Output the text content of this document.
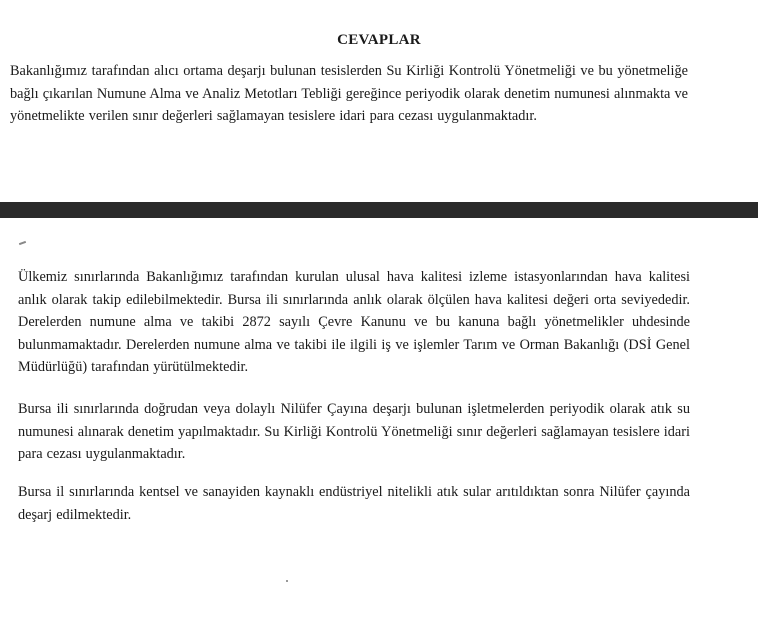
CEVAPLAR
Bakanlığımız tarafından alıcı ortama deşarjı bulunan tesislerden Su Kirliği Kontrolü Yönetmeliği ve bu yönetmeliğe bağlı çıkarılan Numune Alma ve Analiz Metotları Tebliği gereğince periyodik olarak denetim numunesi alınmakta ve yönetmelikte verilen sınır değerleri sağlamayan tesislere idari para cezası uygulanmaktadır.
Ülkemiz sınırlarında Bakanlığımız tarafından kurulan ulusal hava kalitesi izleme istasyonlarından hava kalitesi anlık olarak takip edilebilmektedir. Bursa ili sınırlarında anlık olarak ölçülen hava kalitesi değeri orta seviyededir. Derelerden numune alma ve takibi 2872 sayılı Çevre Kanunu ve bu kanuna bağlı yönetmelikler uhdesinde bulunmamaktadır. Derelerden numune alma ve takibi ile ilgili iş ve işlemler Tarım ve Orman Bakanlığı (DSİ Genel Müdürlüğü) tarafından yürütülmektedir.
Bursa ili sınırlarında doğrudan veya dolaylı Nilüfer Çayına deşarjı bulunan işletmelerden periyodik olarak atık su numunesi alınarak denetim yapılmaktadır. Su Kirliği Kontrolü Yönetmeliği sınır değerleri sağlamayan tesislere idari para cezası uygulanmaktadır.
Bursa il sınırlarında kentsel ve sanayiden kaynaklı endüstriyel nitelikli atık sular arıtıldıktan sonra Nilüfer çayında deşarj edilmektedir.
